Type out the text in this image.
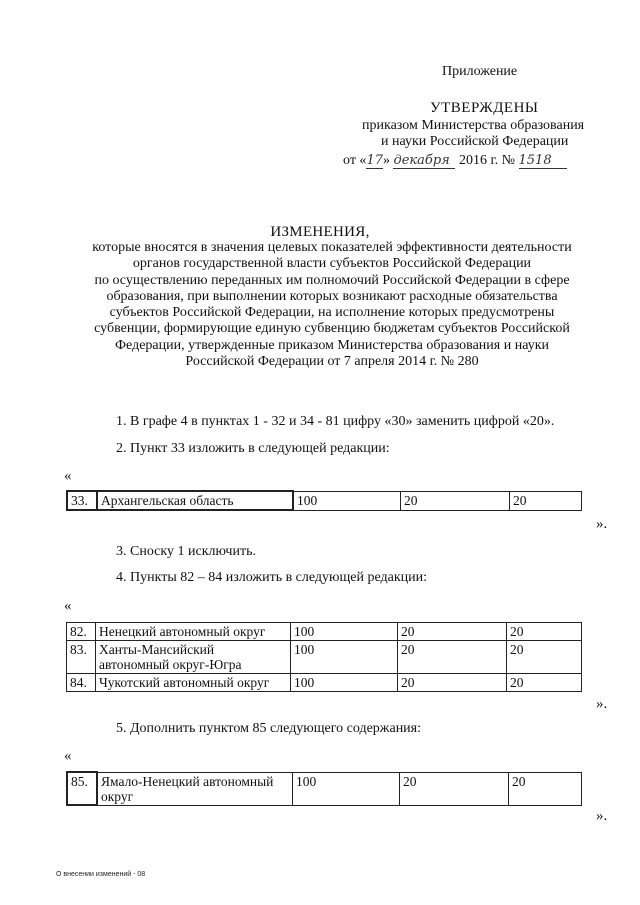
Приложение
УТВЕРЖДЕНЫ
приказом Министерства образования
и науки Российской Федерации
от «17» декабря 2016 г. № 1518
ИЗМЕНЕНИЯ,
которые вносятся в значения целевых показателей эффективности деятельности
органов государственной власти субъектов Российской Федерации
по осуществлению переданных им полномочий Российской Федерации в сфере
образования, при выполнении которых возникают расходные обязательства
субъектов Российской Федерации, на исполнение которых предусмотрены
субвенции, формирующие единую субвенцию бюджетам субъектов Российской
Федерации, утвержденные приказом Министерства образования и науки
Российской Федерации от 7 апреля 2014 г. № 280
1. В графе 4 в пунктах 1 - 32 и 34 - 81 цифру «30» заменить цифрой «20».
2. Пункт 33 изложить в следующей редакции:
«
33.	Архангельская область	100	20	20
».
3. Сноску 1 исключить.
4. Пункты 82 – 84 изложить в следующей редакции:
«
82.	Ненецкий автономный округ	100	20	20
83.	Ханты-Мансийский автономный округ-Югра	100	20	20
84.	Чукотский автономный округ	100	20	20
».
5. Дополнить пунктом 85 следующего содержания:
«
85.	Ямало-Ненецкий автономный округ	100	20	20
».
О внесении изменений - 08
